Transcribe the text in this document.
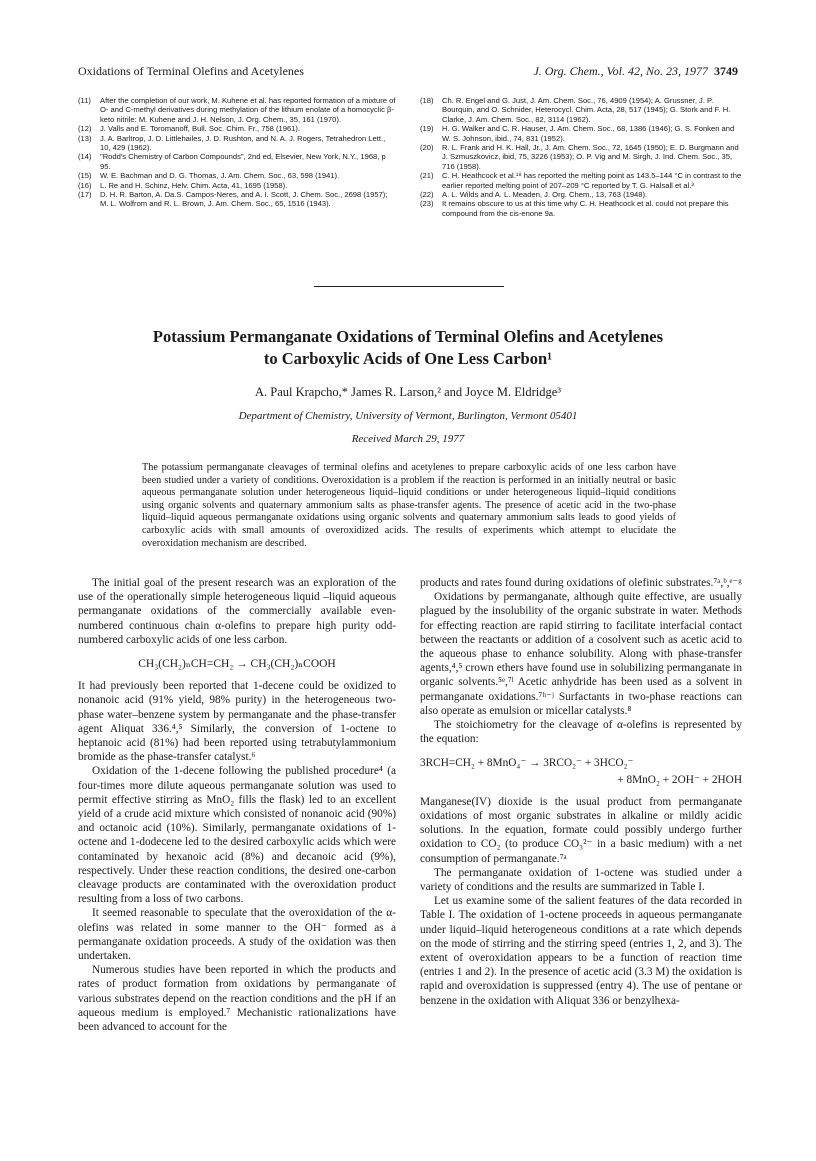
Oxidations of Terminal Olefins and Acetylenes	J. Org. Chem., Vol. 42, No. 23, 1977 3749
(11) After the completion of our work, M. Kuhene et al. has reported formation of a mixture of O- and C-methyl derivatives during methylation of the lithium enolate of a homocyclic β-keto nitrile: M. Kuhene and J. H. Nelson, J. Org. Chem., 35, 161 (1970).
(12) J. Valls and E. Toromanoff, Bull. Soc. Chim. Fr., 758 (1961).
(13) J. A. Barltrop, J. D. Littlehailes, J. D. Rushton, and N. A. J. Rogers, Tetrahedron Lett., 10, 429 (1962).
(14) "Rodd's Chemistry of Carbon Compounds", 2nd ed, Elsevier, New York, N.Y., 1968, p 95.
(15) W. E. Bachman and D. G. Thomas, J. Am. Chem. Soc., 63, 598 (1941).
(16) L. Re and H. Schinz, Helv. Chim. Acta, 41, 1695 (1958).
(17) D. H. R. Barton, A. Da.S. Campos-Neres, and A. I. Scott, J. Chem. Soc., 2698 (1957); M. L. Wolfrom and R. L. Brown, J. Am. Chem. Soc., 65, 1516 (1943).
(18) Ch. R. Engel and G. Just, J. Am. Chem. Soc., 76, 4909 (1954); A. Grussner, J. P. Bourquin, and O. Schnider, Heterocycl. Chim. Acta, 28, 517 (1945); G. Stork and F. H. Clarke, J. Am. Chem. Soc., 82, 3114 (1962).
(19) H. G. Walker and C. R. Hauser, J. Am. Chem. Soc., 68, 1386 (1946); G. S. Fonken and W. S. Johnson, ibid., 74, 831 (1952).
(20) R. L. Frank and H. K. Hall, Jr., J. Am. Chem. Soc., 72, 1645 (1950); E. D. Burgmann and J. Szmuszkovicz, ibid, 75, 3226 (1953); O. P. Vig and M. Sirgh, J. Ind. Chem. Soc., 35, 716 (1958).
(21) C. H. Heathcock et al.¹⁸ has reported the melting point as 143.5–144 °C in contrast to the earlier reported melting point of 207–209 °C reported by T. G. Halsall et al.³
(22) A. L. Wilds and A. L. Meaden, J. Org. Chem., 13, 763 (1948).
(23) It remains obscure to us at this time why C. H. Heathcock et al. could not prepare this compound from the cis-enone 9a.
Potassium Permanganate Oxidations of Terminal Olefins and Acetylenes
to Carboxylic Acids of One Less Carbon¹
A. Paul Krapcho,* James R. Larson,² and Joyce M. Eldridge³
Department of Chemistry, University of Vermont, Burlington, Vermont 05401
Received March 29, 1977
The potassium permanganate cleavages of terminal olefins and acetylenes to prepare carboxylic acids of one less carbon have been studied under a variety of conditions. Overoxidation is a problem if the reaction is performed in an initially neutral or basic aqueous permanganate solution under heterogeneous liquid–liquid conditions or under heterogeneous liquid–liquid conditions using organic solvents and quaternary ammonium salts as phase-transfer agents. The presence of acetic acid in the two-phase liquid–liquid aqueous permanganate oxidations using organic solvents and quaternary ammonium salts leads to good yields of carboxylic acids with small amounts of overoxidized acids. The results of experiments which attempt to elucidate the overoxidation mechanism are described.

The initial goal of the present research was an exploration of the use of the operationally simple heterogeneous liquid –liquid aqueous permanganate oxidations of the commercially available even-numbered continuous chain α-olefins to prepare high purity odd-numbered carboxylic acids of one less carbon.

CH₃(CH₂)ₙCH=CH₂ → CH₃(CH₂)ₙCOOH

It had previously been reported that 1-decene could be oxidized to nonanoic acid (91% yield, 98% purity) in the heterogeneous two-phase water–benzene system by permanganate and the phase-transfer agent Aliquat 336.⁴,⁵ Similarly, the conversion of 1-octene to heptanoic acid (81%) had been reported using tetrabutylammonium bromide as the phase-transfer catalyst.⁶

Oxidation of the 1-decene following the published procedure⁴ (a four-times more dilute aqueous permanganate solution was used to permit effective stirring as MnO₂ fills the flask) led to an excellent yield of a crude acid mixture which consisted of nonanoic acid (90%) and octanoic acid (10%). Similarly, permanganate oxidations of 1-octene and 1-dodecene led to the desired carboxylic acids which were contaminated by hexanoic acid (8%) and decanoic acid (9%), respectively. Under these reaction conditions, the desired one-carbon cleavage products are contaminated with the overoxidation product resulting from a loss of two carbons.

It seemed reasonable to speculate that the overoxidation of the α-olefins was related in some manner to the OH⁻ formed as a permanganate oxidation proceeds. A study of the oxidation was then undertaken.

Numerous studies have been reported in which the products and rates of product formation from oxidations by permanganate of various substrates depend on the reaction conditions and the pH if an aqueous medium is employed.⁷ Mechanistic rationalizations have been advanced to account for the

products and rates found during oxidations of olefinic substrates.⁷ᵃ,ᵇ,ᵉ⁻ᵍ

Oxidations by permanganate, although quite effective, are usually plagued by the insolubility of the organic substrate in water. Methods for effecting reaction are rapid stirring to facilitate interfacial contact between the reactants or addition of a cosolvent such as acetic acid to the aqueous phase to enhance solubility. Along with phase-transfer agents,⁴,⁵ crown ethers have found use in solubilizing permanganate in organic solvents.⁵ᵉ,⁷ˡ Acetic anhydride has been used as a solvent in permanganate oxidations.⁷ʰ⁻ʲ Surfactants in two-phase reactions can also operate as emulsion or micellar catalysts.⁸

The stoichiometry for the cleavage of α-olefins is represented by the equation:

3RCH=CH₂ + 8MnO₄⁻ → 3RCO₂⁻ + 3HCO₂⁻
+ 8MnO₂ + 2OH⁻ + 2HOH

Manganese(IV) dioxide is the usual product from permanganate oxidations of most organic substrates in alkaline or mildly acidic solutions. In the equation, formate could possibly undergo further oxidation to CO₂ (to produce CO₃²⁻ in a basic medium) with a net consumption of permanganate.⁷ᵃ

The permanganate oxidation of 1-octene was studied under a variety of conditions and the results are summarized in Table I.

Let us examine some of the salient features of the data recorded in Table I. The oxidation of 1-octene proceeds in aqueous permanganate under liquid–liquid heterogeneous conditions at a rate which depends on the mode of stirring and the stirring speed (entries 1, 2, and 3). The extent of overoxidation appears to be a function of reaction time (entries 1 and 2). In the presence of acetic acid (3.3 M) the oxidation is rapid and overoxidation is suppressed (entry 4). The use of pentane or benzene in the oxidation with Aliquat 336 or benzylhexa-
